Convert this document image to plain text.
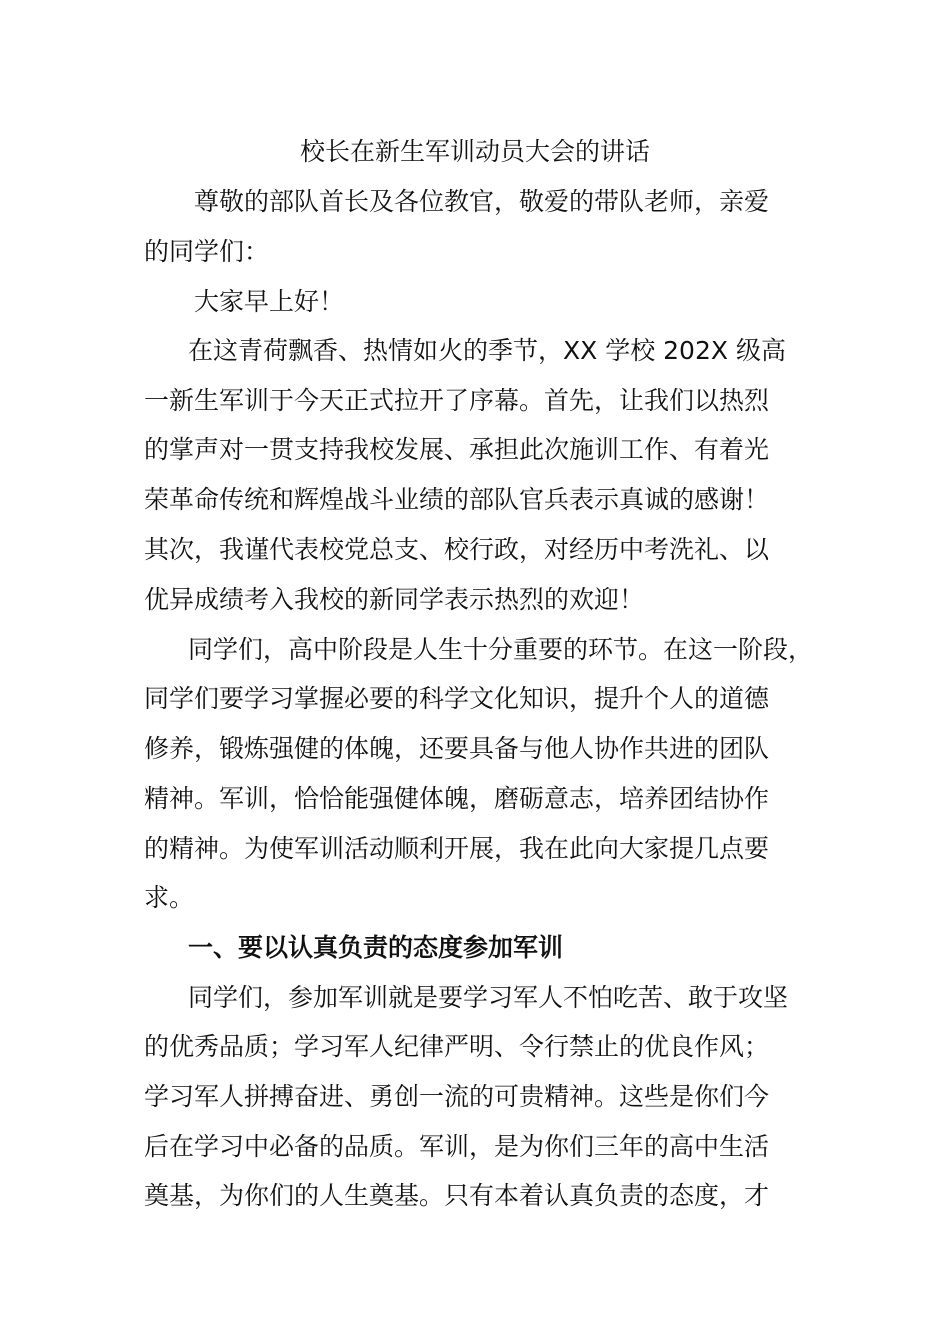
校长在新生军训动员大会的讲话
尊敬的部队首长及各位教官，敬爱的带队老师，亲爱
的同学们：
大家早上好！
在这青荷飘香、热情如火的季节，XX 学校 202X 级高
一新生军训于今天正式拉开了序幕。首先，让我们以热烈
的掌声对一贯支持我校发展、承担此次施训工作、有着光
荣革命传统和辉煌战斗业绩的部队官兵表示真诚的感谢！
其次，我谨代表校党总支、校行政，对经历中考洗礼、以
优异成绩考入我校的新同学表示热烈的欢迎！
同学们，高中阶段是人生十分重要的环节。在这一阶段，
同学们要学习掌握必要的科学文化知识，提升个人的道德
修养，锻炼强健的体魄，还要具备与他人协作共进的团队
精神。军训，恰恰能强健体魄，磨砺意志，培养团结协作
的精神。为使军训活动顺利开展，我在此向大家提几点要
求。
一、要以认真负责的态度参加军训
同学们，参加军训就是要学习军人不怕吃苦、敢于攻坚
的优秀品质；学习军人纪律严明、令行禁止的优良作风；
学习军人拼搏奋进、勇创一流的可贵精神。这些是你们今
后在学习中必备的品质。军训，是为你们三年的高中生活
奠基，为你们的人生奠基。只有本着认真负责的态度，才
